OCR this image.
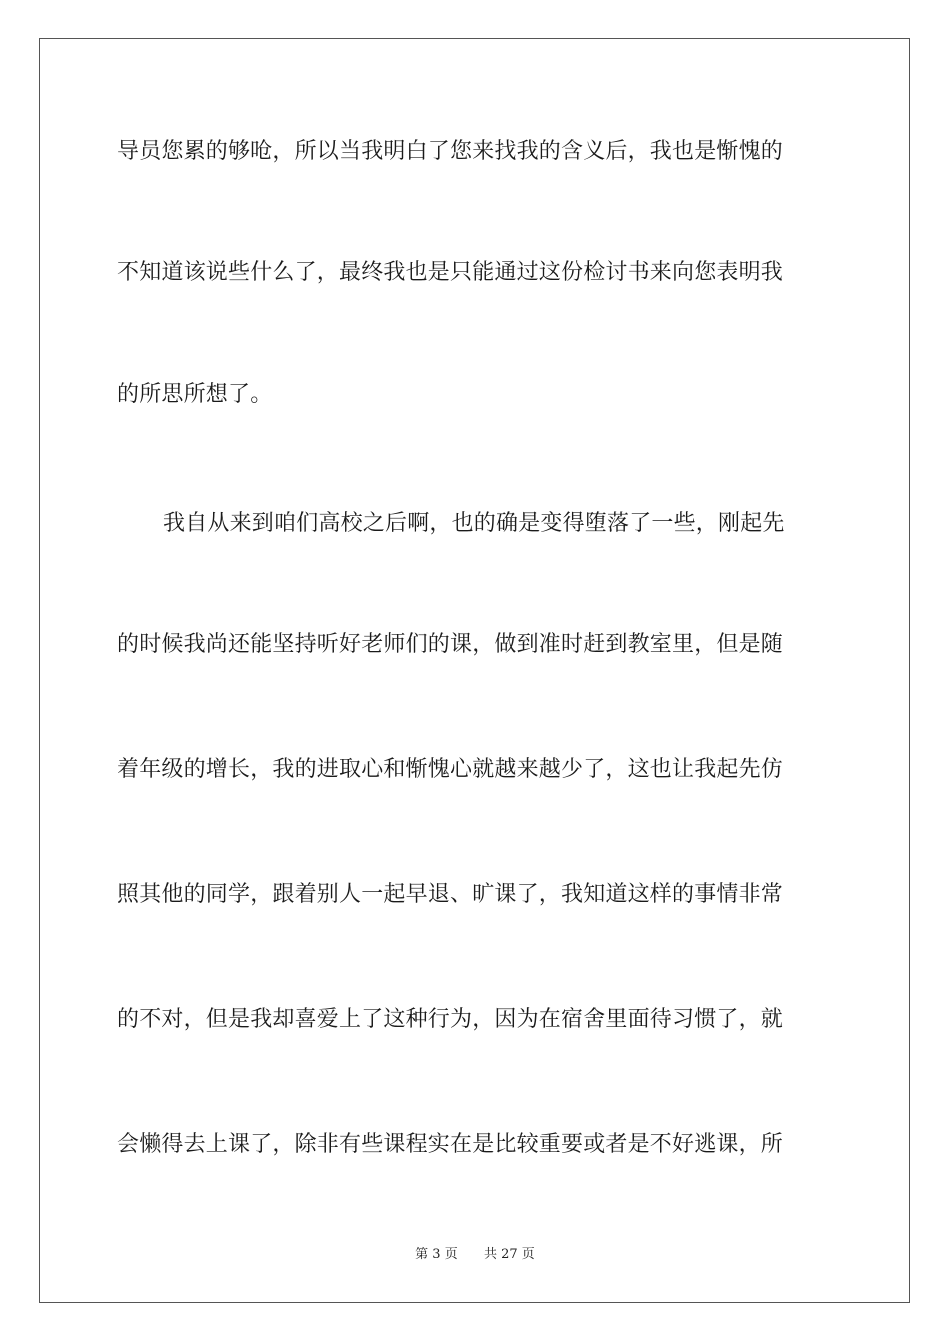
导员您累的够呛，所以当我明白了您来找我的含义后，我也是惭愧的
不知道该说些什么了，最终我也是只能通过这份检讨书来向您表明我
的所思所想了。
我自从来到咱们高校之后啊，也的确是变得堕落了一些，刚起先
的时候我尚还能坚持听好老师们的课，做到准时赶到教室里，但是随
着年级的增长，我的进取心和惭愧心就越来越少了，这也让我起先仿
照其他的同学，跟着别人一起早退、旷课了，我知道这样的事情非常
的不对，但是我却喜爱上了这种行为，因为在宿舍里面待习惯了，就
会懒得去上课了，除非有些课程实在是比较重要或者是不好逃课，所
第 3 页 共 27 页
